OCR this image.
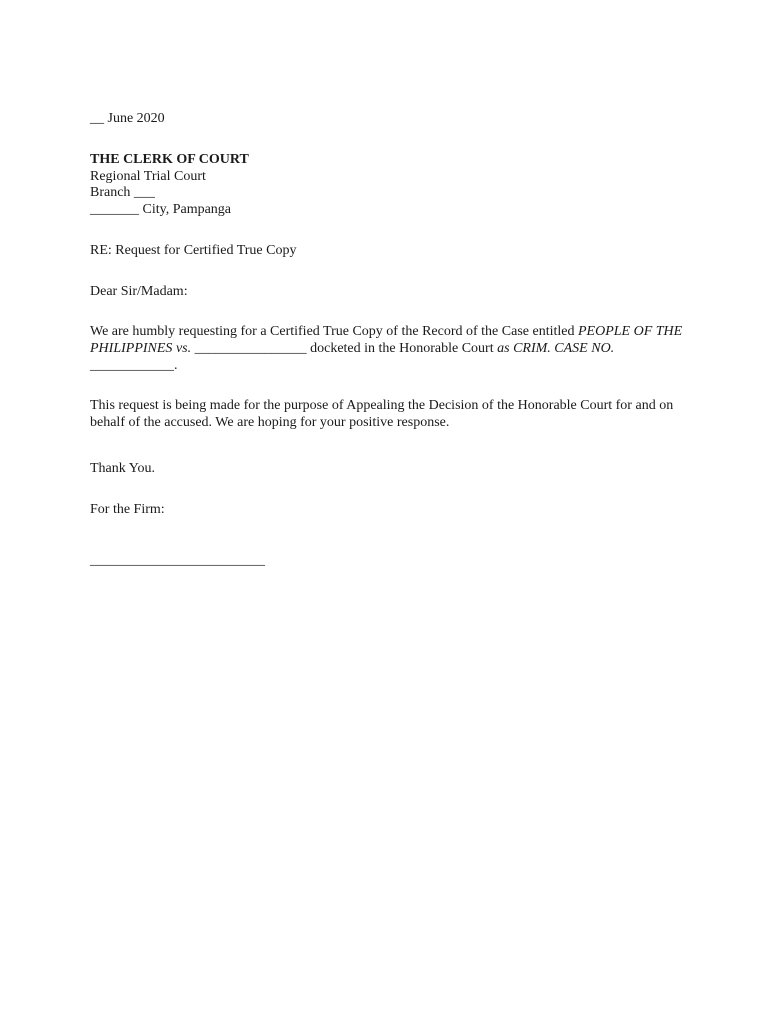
__ June 2020
THE CLERK OF COURT
Regional Trial Court
Branch ___
_______ City, Pampanga
RE: Request for Certified True Copy
Dear Sir/Madam:
We are humbly requesting for a Certified True Copy of the Record of the Case entitled PEOPLE OF THE PHILIPPINES vs. ________________ docketed in the Honorable Court as CRIM. CASE NO.
____________.
This request is being made for the purpose of Appealing the Decision of the Honorable Court for and on behalf of the accused. We are hoping for your positive response.
Thank You.
For the Firm:
_________________________
